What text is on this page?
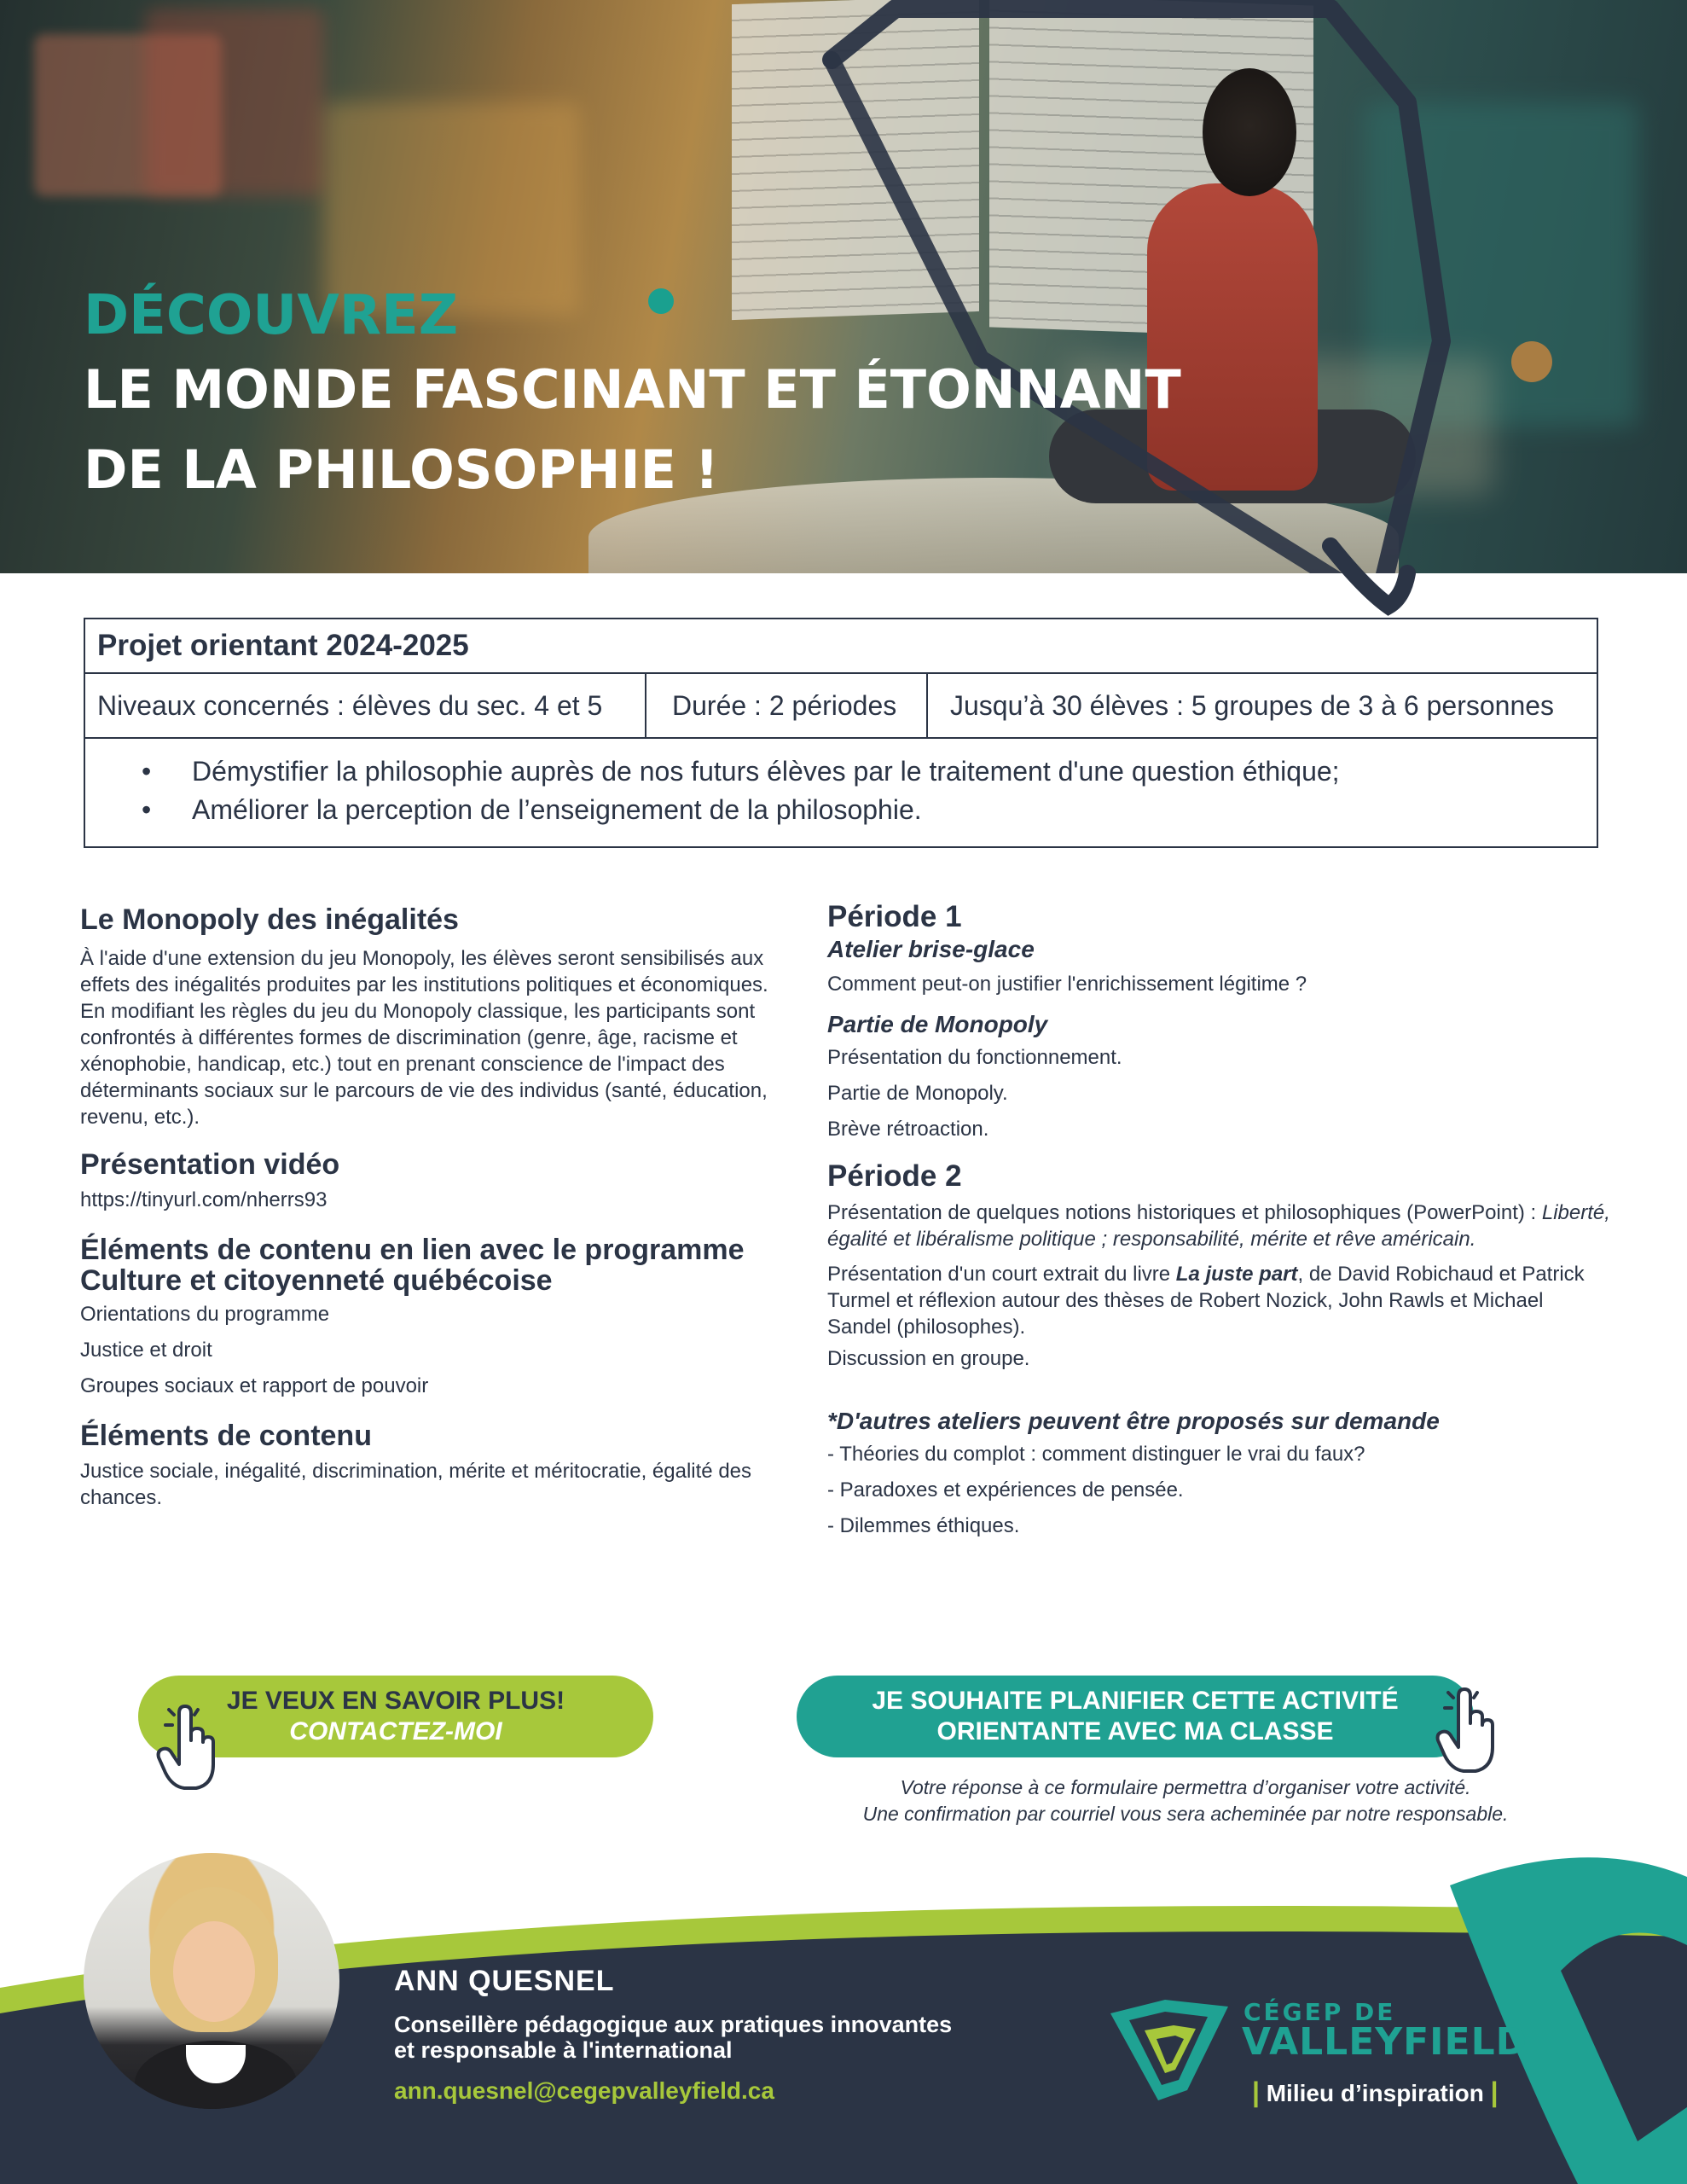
DÉCOUVREZ
LE MONDE FASCINANT ET ÉTONNANT
DE LA PHILOSOPHIE !
Projet orientant 2024-2025
Niveaux concernés : élèves du sec. 4 et 5	Durée : 2 périodes	Jusqu’à 30 élèves : 5 groupes de 3 à 6 personnes
• Démystifier la philosophie auprès de nos futurs élèves par le traitement d'une question éthique;
• Améliorer la perception de l’enseignement de la philosophie.
Le Monopoly des inégalités
À l'aide d'une extension du jeu Monopoly, les élèves seront sensibilisés aux effets des inégalités produites par les institutions politiques et économiques. En modifiant les règles du jeu du Monopoly classique, les participants sont confrontés à différentes formes de discrimination (genre, âge, racisme et xénophobie, handicap, etc.) tout en prenant conscience de l'impact des déterminants sociaux sur le parcours de vie des individus (santé, éducation, revenu, etc.).
Présentation vidéo
https://tinyurl.com/nherrs93
Éléments de contenu en lien avec le programme
Culture et citoyenneté québécoise
Orientations du programme
Justice et droit
Groupes sociaux et rapport de pouvoir
Éléments de contenu
Justice sociale, inégalité, discrimination, mérite et méritocratie, égalité des chances.
Période 1
Atelier brise-glace
Comment peut-on justifier l'enrichissement légitime ?
Partie de Monopoly
Présentation du fonctionnement.
Partie de Monopoly.
Brève rétroaction.
Période 2
Présentation de quelques notions historiques et philosophiques (PowerPoint) : Liberté, égalité et libéralisme politique ; responsabilité, mérite et rêve américain.
Présentation d'un court extrait du livre La juste part, de David Robichaud et Patrick Turmel et réflexion autour des thèses de Robert Nozick, John Rawls et Michael Sandel (philosophes).
Discussion en groupe.
*D'autres ateliers peuvent être proposés sur demande
- Théories du complot : comment distinguer le vrai du faux?
- Paradoxes et expériences de pensée.
- Dilemmes éthiques.
JE VEUX EN SAVOIR PLUS!
CONTACTEZ-MOI
JE SOUHAITE PLANIFIER CETTE ACTIVITÉ
ORIENTANTE AVEC MA CLASSE
Votre réponse à ce formulaire permettra d’organiser votre activité.
Une confirmation par courriel vous sera acheminée par notre responsable.
ANN QUESNEL
Conseillère pédagogique aux pratiques innovantes
et responsable à l'international
ann.quesnel@cegepvalleyfield.ca
CÉGEP DE
VALLEYFIELD
| Milieu d’inspiration |
